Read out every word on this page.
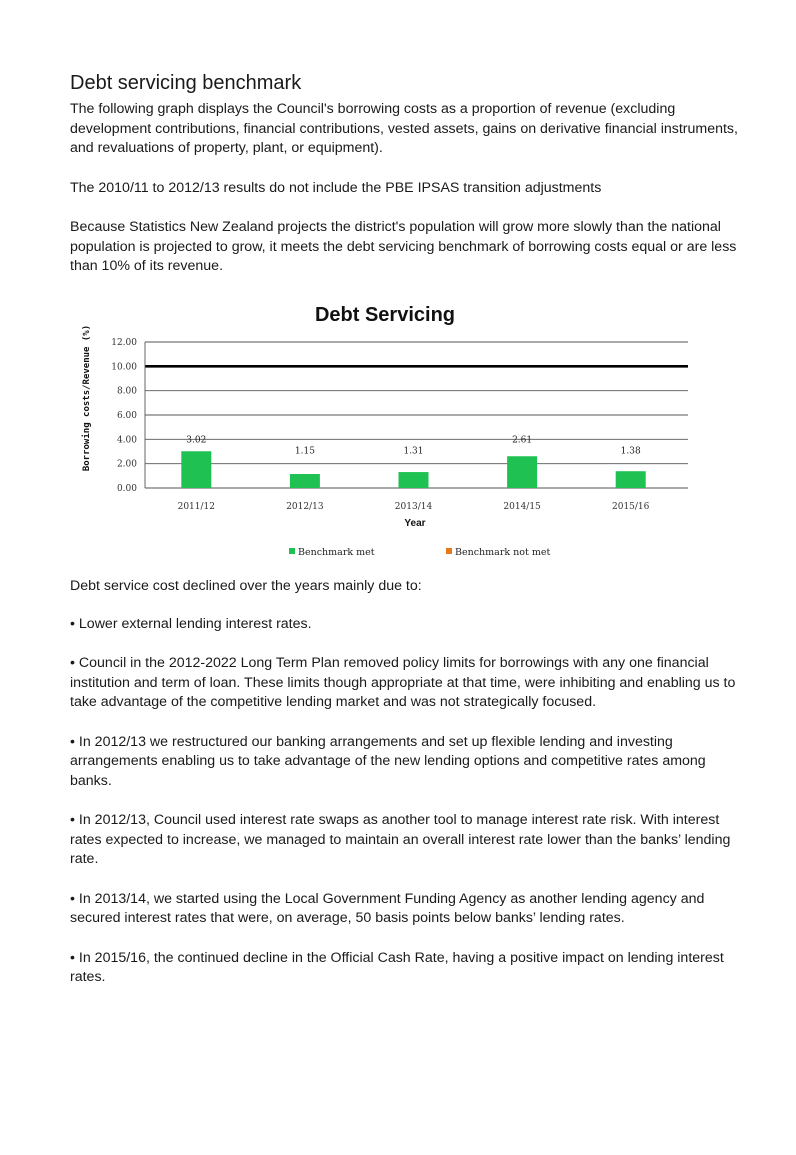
Debt servicing benchmark

The following graph displays the Council's borrowing costs as a proportion of revenue (excluding development contributions, financial contributions, vested assets, gains on derivative financial instruments, and revaluations of property, plant, or equipment).

The 2010/11 to 2012/13 results do not include the PBE IPSAS transition adjustments

Because Statistics New Zealand projects the district's population will grow more slowly than the national population is projected to grow, it meets the debt servicing benchmark of borrowing costs equal or are less than 10% of its revenue.

Debt Servicing
0.00
2.00
4.00
6.00
8.00
10.00
12.00
2011/12	2012/13	2013/14	2014/15	2015/16
3.02
1.15	1.31
2.61
1.38
Year
Borrowing costs/Revenue (%)
Benchmark met	Benchmark not met

Debt service cost declined over the years mainly due to:

• Lower external lending interest rates.

• Council in the 2012-2022 Long Term Plan removed policy limits for borrowings with any one financial institution and term of loan. These limits though appropriate at that time, were inhibiting and enabling us to take advantage of the competitive lending market and was not strategically focused.

• In 2012/13 we restructured our banking arrangements and set up flexible lending and investing arrangements enabling us to take advantage of the new lending options and competitive rates among banks.

• In 2012/13, Council used interest rate swaps as another tool to manage interest rate risk. With interest rates expected to increase, we managed to maintain an overall interest rate lower than the banks’ lending rate.

• In 2013/14, we started using the Local Government Funding Agency as another lending agency and secured interest rates that were, on average, 50 basis points below banks’ lending rates.

• In 2015/16, the continued decline in the Official Cash Rate, having a positive impact on lending interest rates.
